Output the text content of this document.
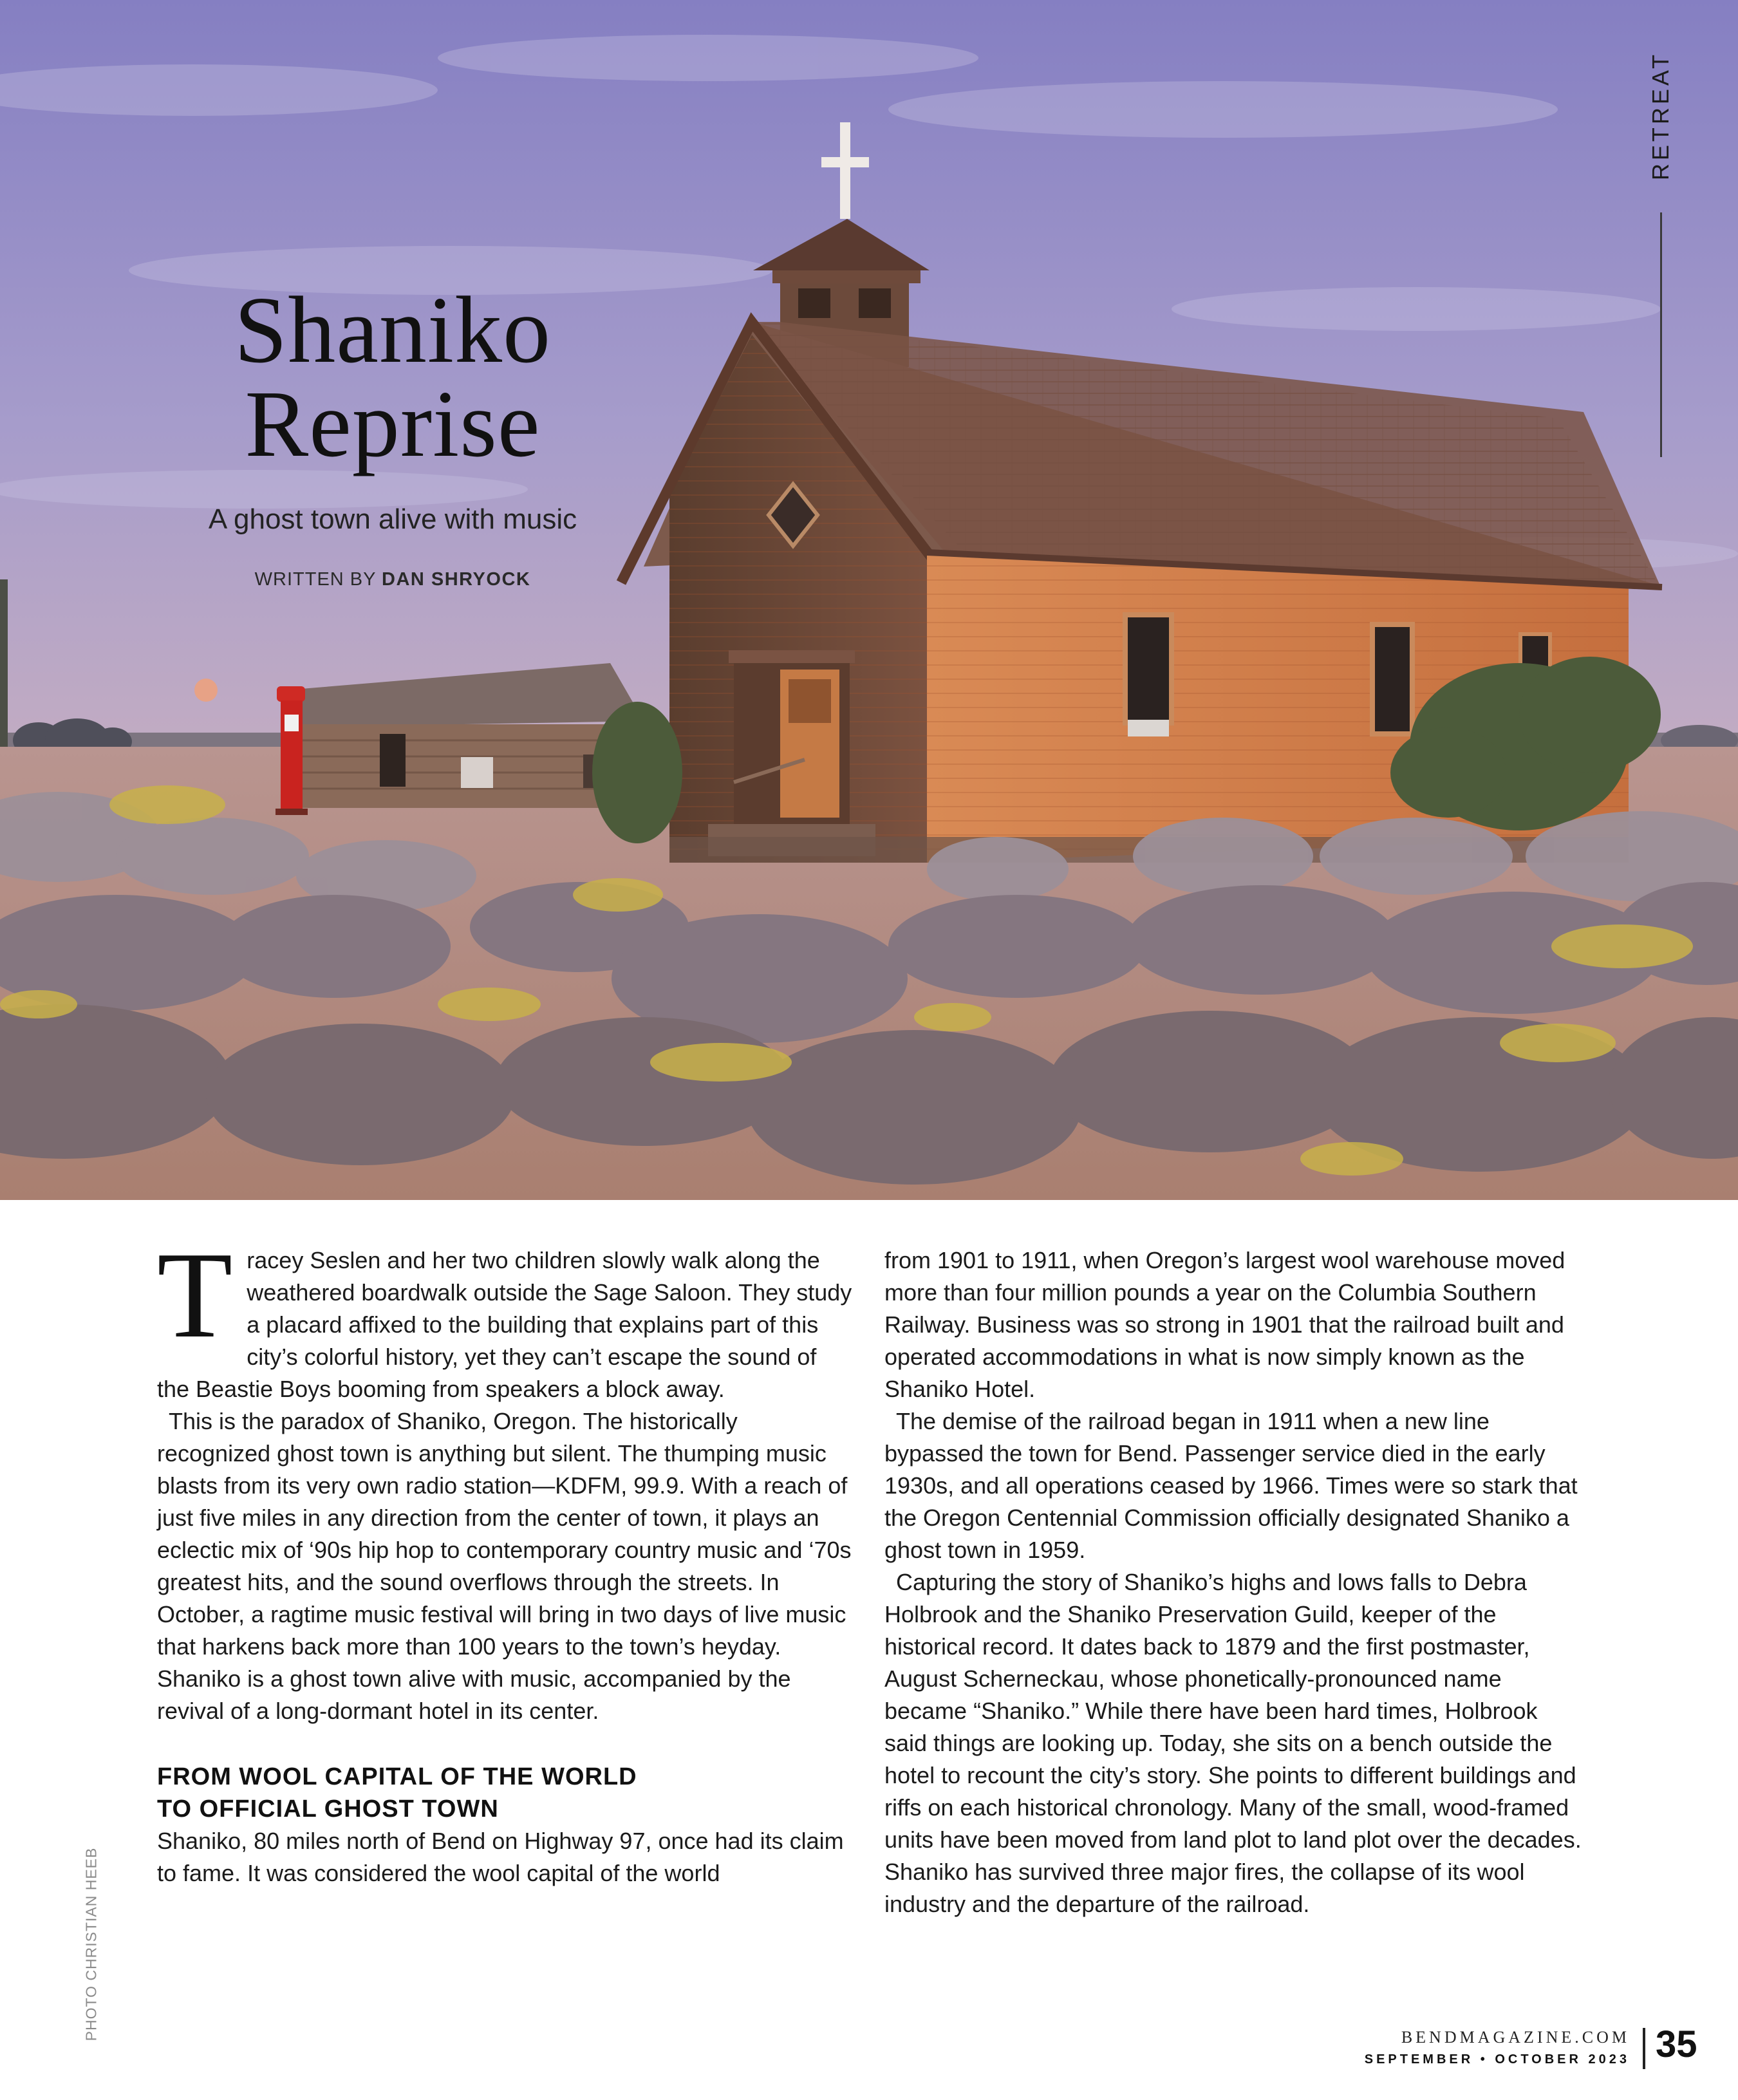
Shaniko
Reprise
A ghost town alive with music
WRITTEN BY DAN SHRYOCK
RETREAT

Tracey Seslen and her two children slowly walk along the weathered boardwalk outside the Sage Saloon. They study a placard affixed to the building that explains part of this city’s colorful history, yet they can’t escape the sound of the Beastie Boys booming from speakers a block away.

This is the paradox of Shaniko, Oregon. The historically recognized ghost town is anything but silent. The thumping music blasts from its very own radio station—KDFM, 99.9. With a reach of just five miles in any direction from the center of town, it plays an eclectic mix of ‘90s hip hop to contemporary country music and ‘70s greatest hits, and the sound overflows through the streets. In October, a ragtime music festival will bring in two days of live music that harkens back more than 100 years to the town’s heyday. Shaniko is a ghost town alive with music, accompanied by the revival of a long-dormant hotel in its center.

FROM WOOL CAPITAL OF THE WORLD
TO OFFICIAL GHOST TOWN

Shaniko, 80 miles north of Bend on Highway 97, once had its claim to fame. It was considered the wool capital of the world

from 1901 to 1911, when Oregon’s largest wool warehouse moved more than four million pounds a year on the Columbia Southern Railway. Business was so strong in 1901 that the railroad built and operated accommodations in what is now simply known as the Shaniko Hotel.

The demise of the railroad began in 1911 when a new line bypassed the town for Bend. Passenger service died in the early 1930s, and all operations ceased by 1966. Times were so stark that the Oregon Centennial Commission officially designated Shaniko a ghost town in 1959.

Capturing the story of Shaniko’s highs and lows falls to Debra Holbrook and the Shaniko Preservation Guild, keeper of the historical record. It dates back to 1879 and the first postmaster, August Scherneckau, whose phonetically-pronounced name became “Shaniko.” While there have been hard times, Holbrook said things are looking up. Today, she sits on a bench outside the hotel to recount the city’s story. She points to different buildings and riffs on each historical chronology. Many of the small, wood-framed units have been moved from land plot to land plot over the decades. Shaniko has survived three major fires, the collapse of its wool industry and the departure of the railroad.

PHOTO CHRISTIAN HEEB	BENDMAGAZINE.COM
SEPTEMBER • OCTOBER 2023 35
